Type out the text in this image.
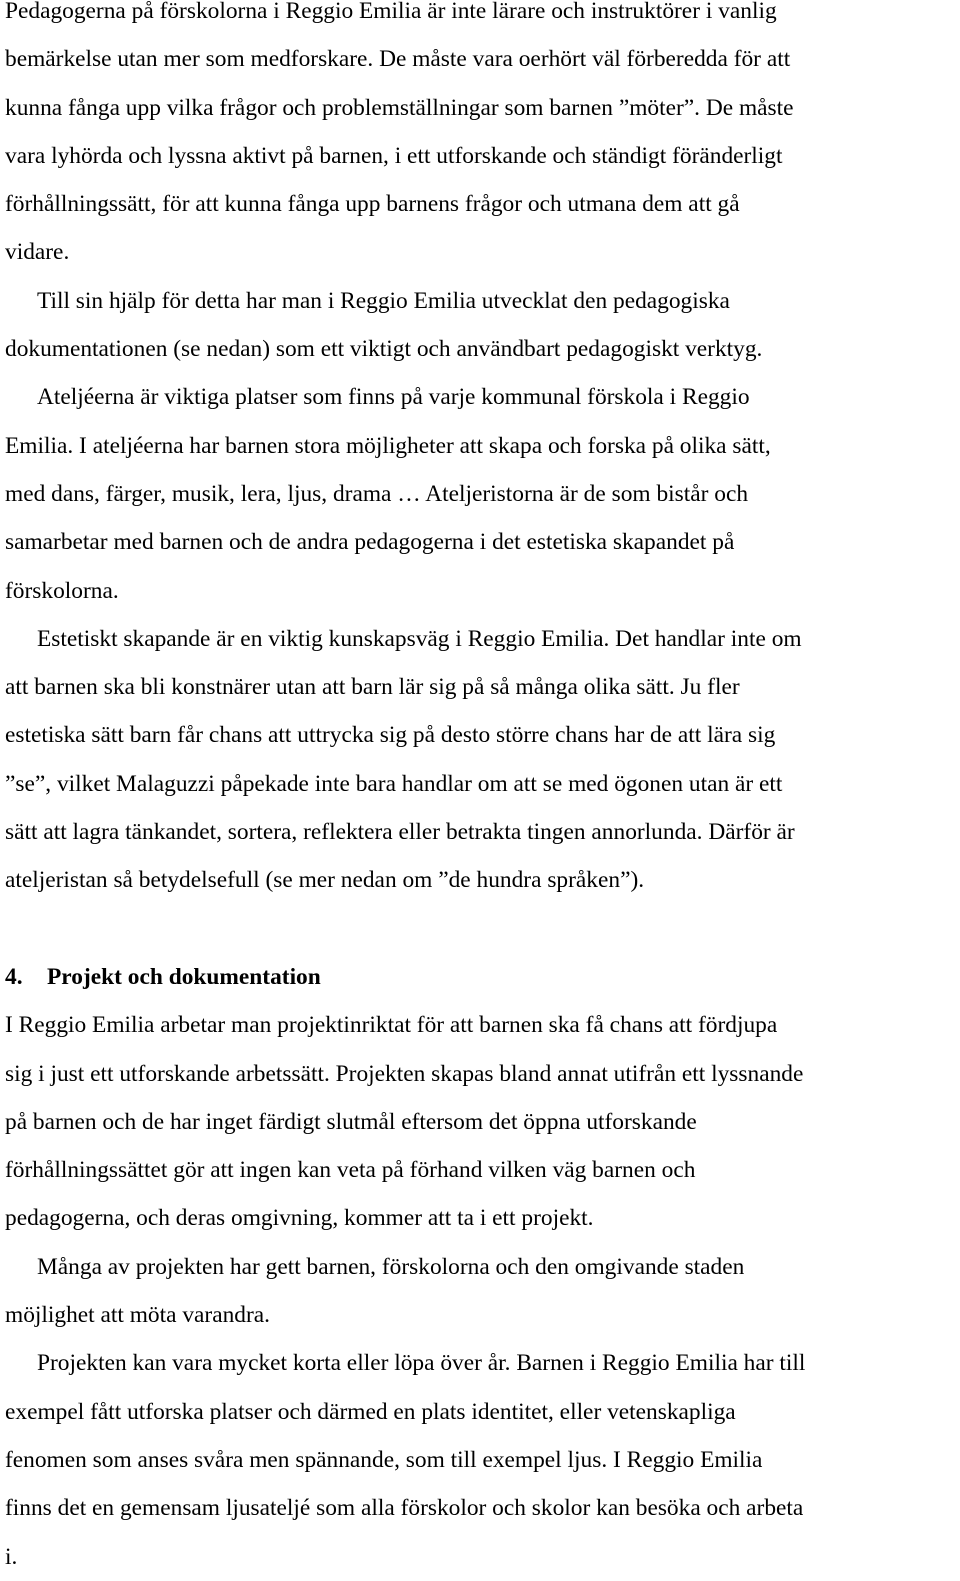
Pedagogerna på förskolorna i Reggio Emilia är inte lärare och instruktörer i vanlig
bemärkelse utan mer som medforskare. De måste vara oerhört väl förberedda för att
kunna fånga upp vilka frågor och problemställningar som barnen ”möter”. De måste
vara lyhörda och lyssna aktivt på barnen, i ett utforskande och ständigt föränderligt
förhållningssätt, för att kunna fånga upp barnens frågor och utmana dem att gå
vidare.
Till sin hjälp för detta har man i Reggio Emilia utvecklat den pedagogiska
dokumentationen (se nedan) som ett viktigt och användbart pedagogiskt verktyg.
Ateljéerna är viktiga platser som finns på varje kommunal förskola i Reggio
Emilia. I ateljéerna har barnen stora möjligheter att skapa och forska på olika sätt,
med dans, färger, musik, lera, ljus, drama … Ateljeristorna är de som bistår och
samarbetar med barnen och de andra pedagogerna i det estetiska skapandet på
förskolorna.
Estetiskt skapande är en viktig kunskapsväg i Reggio Emilia. Det handlar inte om
att barnen ska bli konstnärer utan att barn lär sig på så många olika sätt. Ju fler
estetiska sätt barn får chans att uttrycka sig på desto större chans har de att lära sig
”se”, vilket Malaguzzi påpekade inte bara handlar om att se med ögonen utan är ett
sätt att lagra tänkandet, sortera, reflektera eller betrakta tingen annorlunda. Därför är
ateljeristan så betydelsefull (se mer nedan om ”de hundra språken”).
4. Projekt och dokumentation
I Reggio Emilia arbetar man projektinriktat för att barnen ska få chans att fördjupa
sig i just ett utforskande arbetssätt. Projekten skapas bland annat utifrån ett lyssnande
på barnen och de har inget färdigt slutmål eftersom det öppna utforskande
förhållningssättet gör att ingen kan veta på förhand vilken väg barnen och
pedagogerna, och deras omgivning, kommer att ta i ett projekt.
Många av projekten har gett barnen, förskolorna och den omgivande staden
möjlighet att möta varandra.
Projekten kan vara mycket korta eller löpa över år. Barnen i Reggio Emilia har till
exempel fått utforska platser och därmed en plats identitet, eller vetenskapliga
fenomen som anses svåra men spännande, som till exempel ljus. I Reggio Emilia
finns det en gemensam ljusateljé som alla förskolor och skolor kan besöka och arbeta
i.
